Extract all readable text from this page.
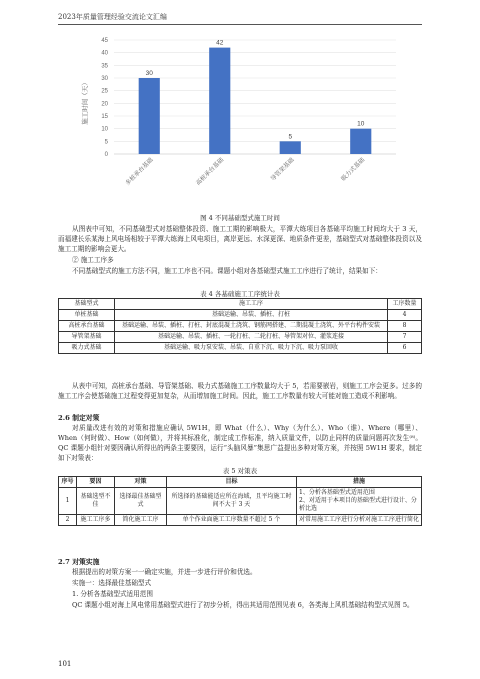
2023年质量管理经验交流论文汇编
0
5
10
15
20
25
30
35
40
45
30
42
5
10
多桩承台基础	高桩承台基础	导管架基础	吸力式基础
施工时间（天）
图 4 不同基础型式施工时间
从图表中可知，不同基础型式对基础整体投资、施工工期的影响极大，平潭大练项目各基础平均施工时间均大于 3 天，而福建长乐某海上风电场相较于平潭大练海上风电项目，离岸更远、水深更深、地质条件更差，基础型式对基础整体投资以及施工工期的影响会更大。
② 施工工序多
不同基础型式的施工方法不同，施工工序也不同。课题小组对各基础型式施工工序进行了统计，结果如下：
表 4 各基础施工工序统计表
基础型式	施工工序	工序数量
单桩基础	基础运输、吊装、插桩、打桩	4
高桩承台基础	基础运输、吊装、插桩、打桩、封底混凝土浇筑、钢筋网搭建、二期混凝土浇筑、外平台构件安装	8
导管架基础	基础运输、吊装、插桩、一轮打桩、二轮打桩、导管架对位、灌浆连接	7
吸力式基础	基础运输、吸力泵安装、吊装、自重下沉、吸力下沉、吸力泵回收	6
从表中可知，高桩承台基础、导管架基础、吸力式基础施工工序数量均大于 5，若需要嵌岩，则施工工序会更多。过多的施工工序会使基础施工过程变得更加复杂，从而增加施工时间。因此，施工工序数量有较大可能对施工造成不利影响。
2.6 制定对策
对质量改进有效的对策和措施应确认 5W1H，即 What（什么）、Why（为什么）、Who（谁）、Where（哪里）、When（何时做）、How（如何做），并将其标准化，制定成工作标准，纳入质量文件，以防止同样的质量问题再次发生⁽⁸⁾。QC 课题小组针对要因确认所得出的两条主要要因，运行“头脑风暴”集思广益提出多种对策方案，并按照 5W1H 要求，制定如下对策表：
表 5 对策表
序号	要因	对策	目标	措施
1	基础选型不佳	选择最佳基础型式	所选择的基础能适应所在海域，且平均施工时间不大于 3 天	1、分析各基础型式适用范围
2、对适用于本项目的基础型式进行设计、分析比选
2	施工工序多	简化施工工序	单个作业面施工工序数量不超过 5 个	对常用施工工序进行分析对施工工序进行简化
2.7 对策实施
根据提出的对策方案一一确定实施，并进一步进行评价和优选。
实施一：选择最佳基础型式
1. 分析各基础型式适用范围
QC 课题小组对海上风电常用基础型式进行了初步分析，得出其适用范围见表 6，各类海上风机基础结构型式见图 5。
101
